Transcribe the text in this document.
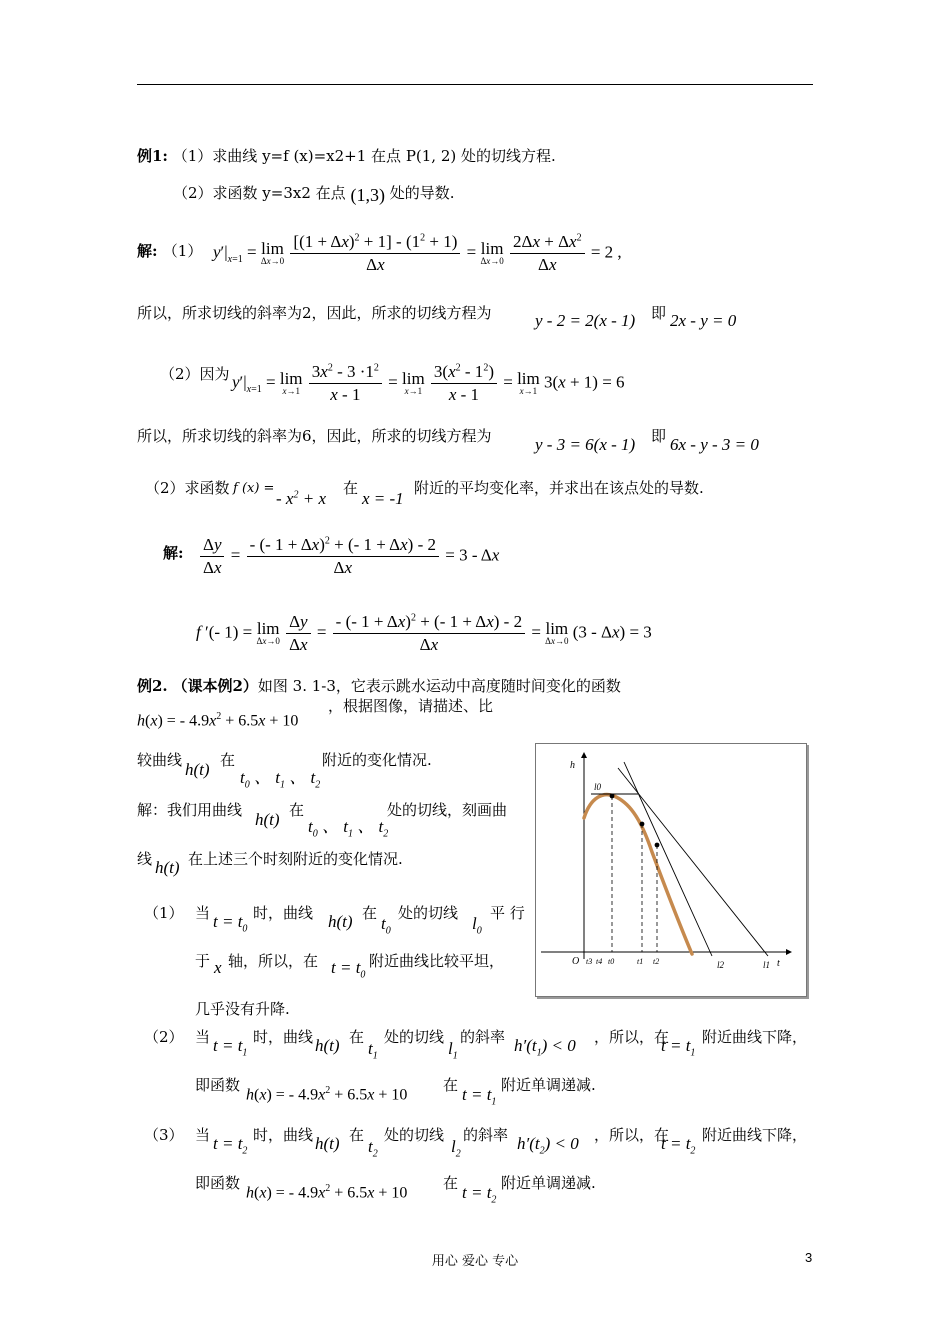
例1: （1）求曲线 y=f (x)=x2+1 在点 P(1, 2) 处的切线方程.
（2）求函数 y=3x2 在点 (1,3) 处的导数.
解: （1） $y'|_{x=1} = \lim$
Δx→0
$\frac{[(1 + \Delta x)^2 + 1] - (1^2 + 1)}{\Delta x} = \lim$
Δx→0
$\frac{2\Delta x + \Delta x^2}{\Delta x} = 2$ ,
所以，所求切线的斜率为2，因此，所求的切线方程为	y - 2 = 2(x - 1) 即 2x - y = 0
（2）因为 $y'|_{x=1} = \lim$
x→1
$\frac{3x^2 - 3 \cdot 1^2}{x - 1} = \lim$
x→1
$\frac{3(x^2 - 1^2)}{x - 1} = \lim$
x→1 3(x + 1) = 6
所以，所求切线的斜率为6，因此，所求的切线方程为	y - 3 = 6(x - 1) 即 6x - y - 3 = 0
（2）求函数 f (x) =
- $x^2 + x$
在
x = -1
附近的平均变化率，并求出在该点处的导数.
解: $\frac{\Delta y}{\Delta x} = \frac{- (- 1 + \Delta x)^2 + (- 1 + \Delta x) - 2}{\Delta x} = 3 - \Delta x$
f ′(- 1) = lim
Δx→0
$\frac{\Delta y}{\Delta x} = \frac{- (- 1 + \Delta x)^2 + (- 1 + \Delta x) - 2}{\Delta x} = \lim$
Δx→0 (3 - Δx) = 3
例2. （课本例2）如图 3. 1-3，它表示跳水运动中高度随时间变化的函数
h(x) = - $4.9x^2 + 6.5x + 10$
，根据图像，请描述、比
较曲线 h(t) 在
$t_0$ 、 $t_1$ 、 $t_2$
附近的变化情况.
解：我们用曲线 h(t) 在
$t_0$ 、 $t_1$ 、 $t_2$
处的切线，刻画曲
线 h(t) 在上述三个时刻附近的变化情况.
（1） 当 $t = t_0$
时，曲线 h(t) 在
$t_0$
处的切线
$l_0$
平 行
于 x 轴，所以，在 $t = t_0$
附近曲线比较平坦，
几乎没有升降.
（2） 当 $t = t_1$
时，曲线 h(t) 在
$t_1$
处的切线
$l_1$
的斜率 $h'(t_1) < 0$ ，所以，在
$t = t_1$
附近曲线下降，
即函数
h(x) = - $4.9x^2 + 6.5x + 10$
在 $t = t_1$
附近单调递减.
（3） 当 $t = t_2$
时，曲线 h(t) 在
$t_2$
处的切线
$l_2$
的斜率 $h'(t_2) < 0$ ，所以，在
$t = t_2$
附近曲线下降，
即函数
h(x) = - $4.9x^2 + 6.5x + 10$
在 $t = t_2$
附近单调递减.
h
O	t
l0
l1
l2
t3 t4 t0	t1 t2
用心 爱心 专心	3
